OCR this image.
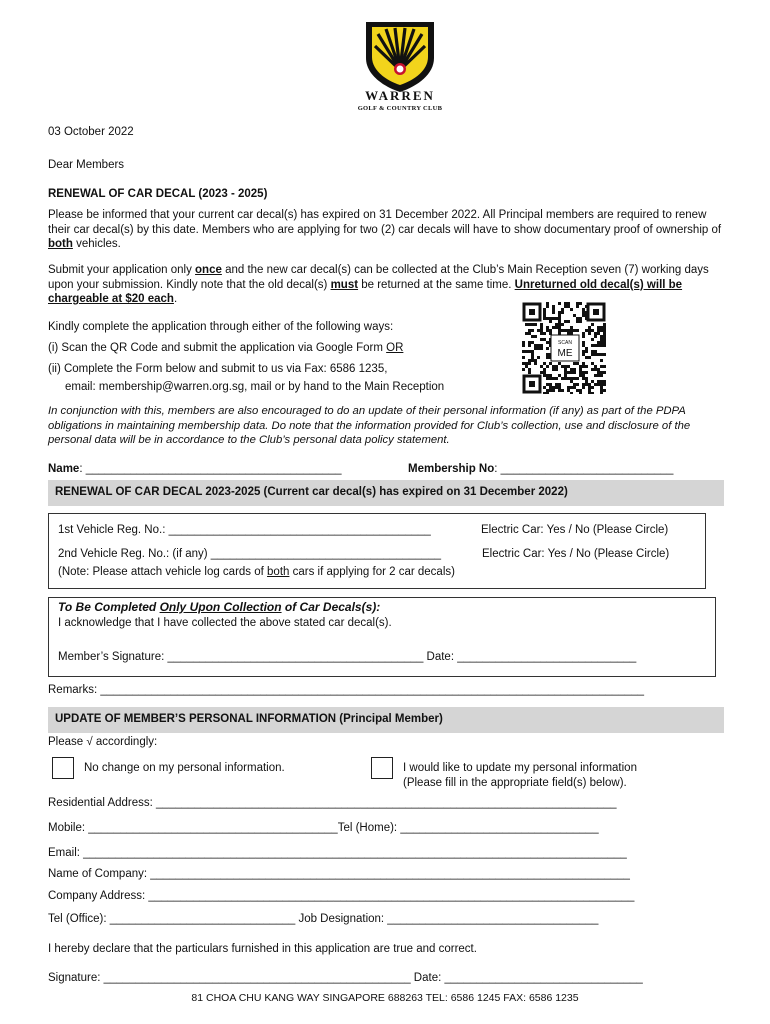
WARREN
GOLF & COUNTRY CLUB
03 October 2022
Dear Members
RENEWAL OF CAR DECAL (2023 - 2025)
Please be informed that your current car decal(s) has expired on 31 December 2022. All Principal members are required to renew their car decal(s) by this date. Members who are applying for two (2) car decals will have to show documentary proof of ownership of both vehicles.
Submit your application only once and the new car decal(s) can be collected at the Club’s Main Reception seven (7) working days upon your submission. Kindly note that the old decal(s) must be returned at the same time. Unreturned old decal(s) will be chargeable at $20 each.
Kindly complete the application through either of the following ways:
(i) Scan the QR Code and submit the application via Google Form OR
(ii) Complete the Form below and submit to us via Fax: 6586 1235,
email: membership@warren.org.sg, mail or by hand to the Main Reception
SCAN
ME
In conjunction with this, members are also encouraged to do an update of their personal information (if any) as part of the PDPA obligations in maintaining membership data. Do note that the information provided for Club’s collection, use and disclosure of the personal data will be in accordance to the Club’s personal data policy statement.
Name: ________________________________________	Membership No: ___________________________
RENEWAL OF CAR DECAL 2023-2025 (Current car decal(s) has expired on 31 December 2022)
1st Vehicle Reg. No.: _________________________________________	Electric Car: Yes / No (Please Circle)
2nd Vehicle Reg. No.: (if any) ____________________________________	Electric Car: Yes / No (Please Circle)
(Note: Please attach vehicle log cards of both cars if applying for 2 car decals)
To Be Completed Only Upon Collection of Car Decals(s):
I acknowledge that I have collected the above stated car decal(s).
Member’s Signature: ________________________________________ Date: ____________________________
Remarks: _____________________________________________________________________________________
UPDATE OF MEMBER’S PERSONAL INFORMATION (Principal Member)
Please √ accordingly:
No change on my personal information.	I would like to update my personal information
(Please fill in the appropriate field(s) below).
Residential Address: ________________________________________________________________________
Mobile: _______________________________________Tel (Home): _______________________________
Email: _____________________________________________________________________________________
Name of Company: ___________________________________________________________________________
Company Address: ____________________________________________________________________________
Tel (Office): _____________________________ Job Designation: _________________________________
I hereby declare that the particulars furnished in this application are true and correct.
Signature: ________________________________________________ Date: _______________________________
81 CHOA CHU KANG WAY SINGAPORE 688263 TEL: 6586 1245 FAX: 6586 1235
